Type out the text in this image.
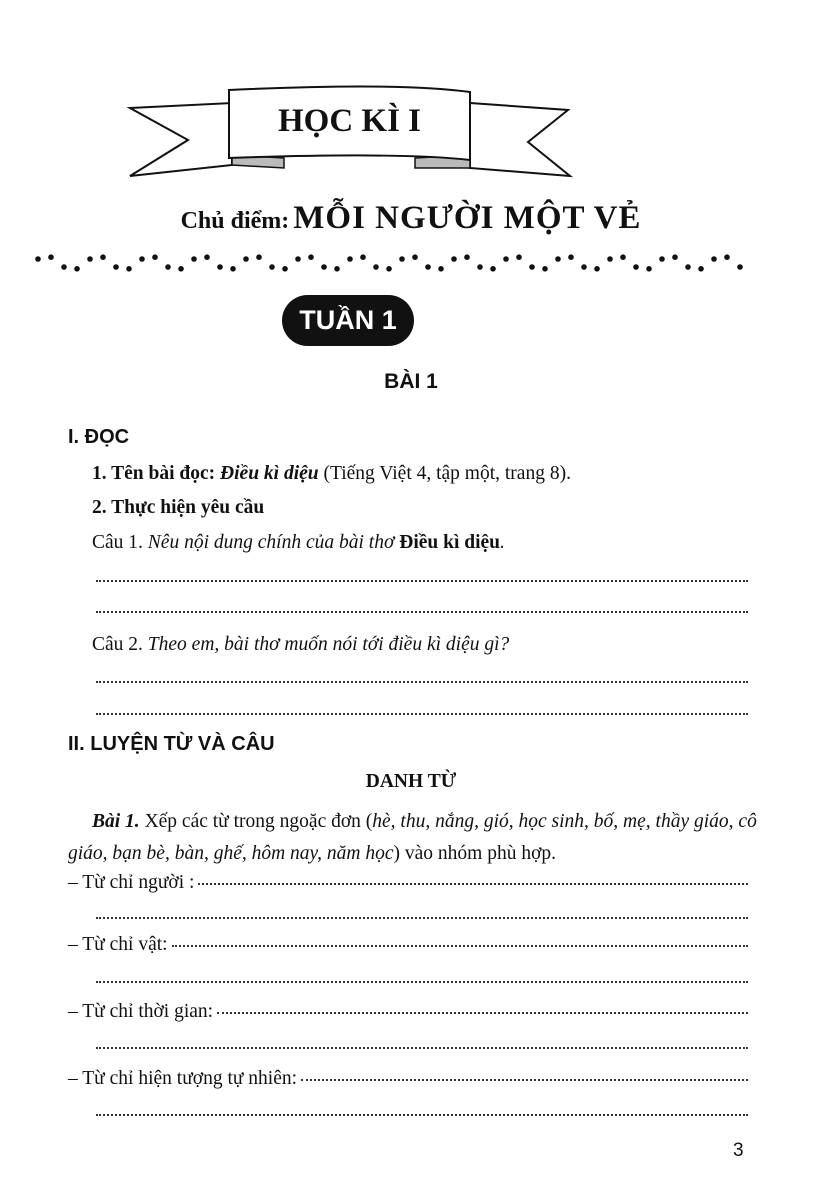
HỌC KÌ I
Chủ điểm: MỖI NGƯỜI MỘT VẺ
TUẦN 1
BÀI 1
I. ĐỌC
1. Tên bài đọc: Điều kì diệu (Tiếng Việt 4, tập một, trang 8).
2. Thực hiện yêu cầu
Câu 1. Nêu nội dung chính của bài thơ Điều kì diệu.
Câu 2. Theo em, bài thơ muốn nói tới điều kì diệu gì?
II. LUYỆN TỪ VÀ CÂU
DANH TỪ
Bài 1. Xếp các từ trong ngoặc đơn (hè, thu, nắng, gió, học sinh, bố, mẹ, thầy giáo, cô giáo, bạn bè, bàn, ghế, hôm nay, năm học) vào nhóm phù hợp.
– Từ chỉ người :
– Từ chỉ vật:
– Từ chỉ thời gian:
– Từ chỉ hiện tượng tự nhiên:
3
